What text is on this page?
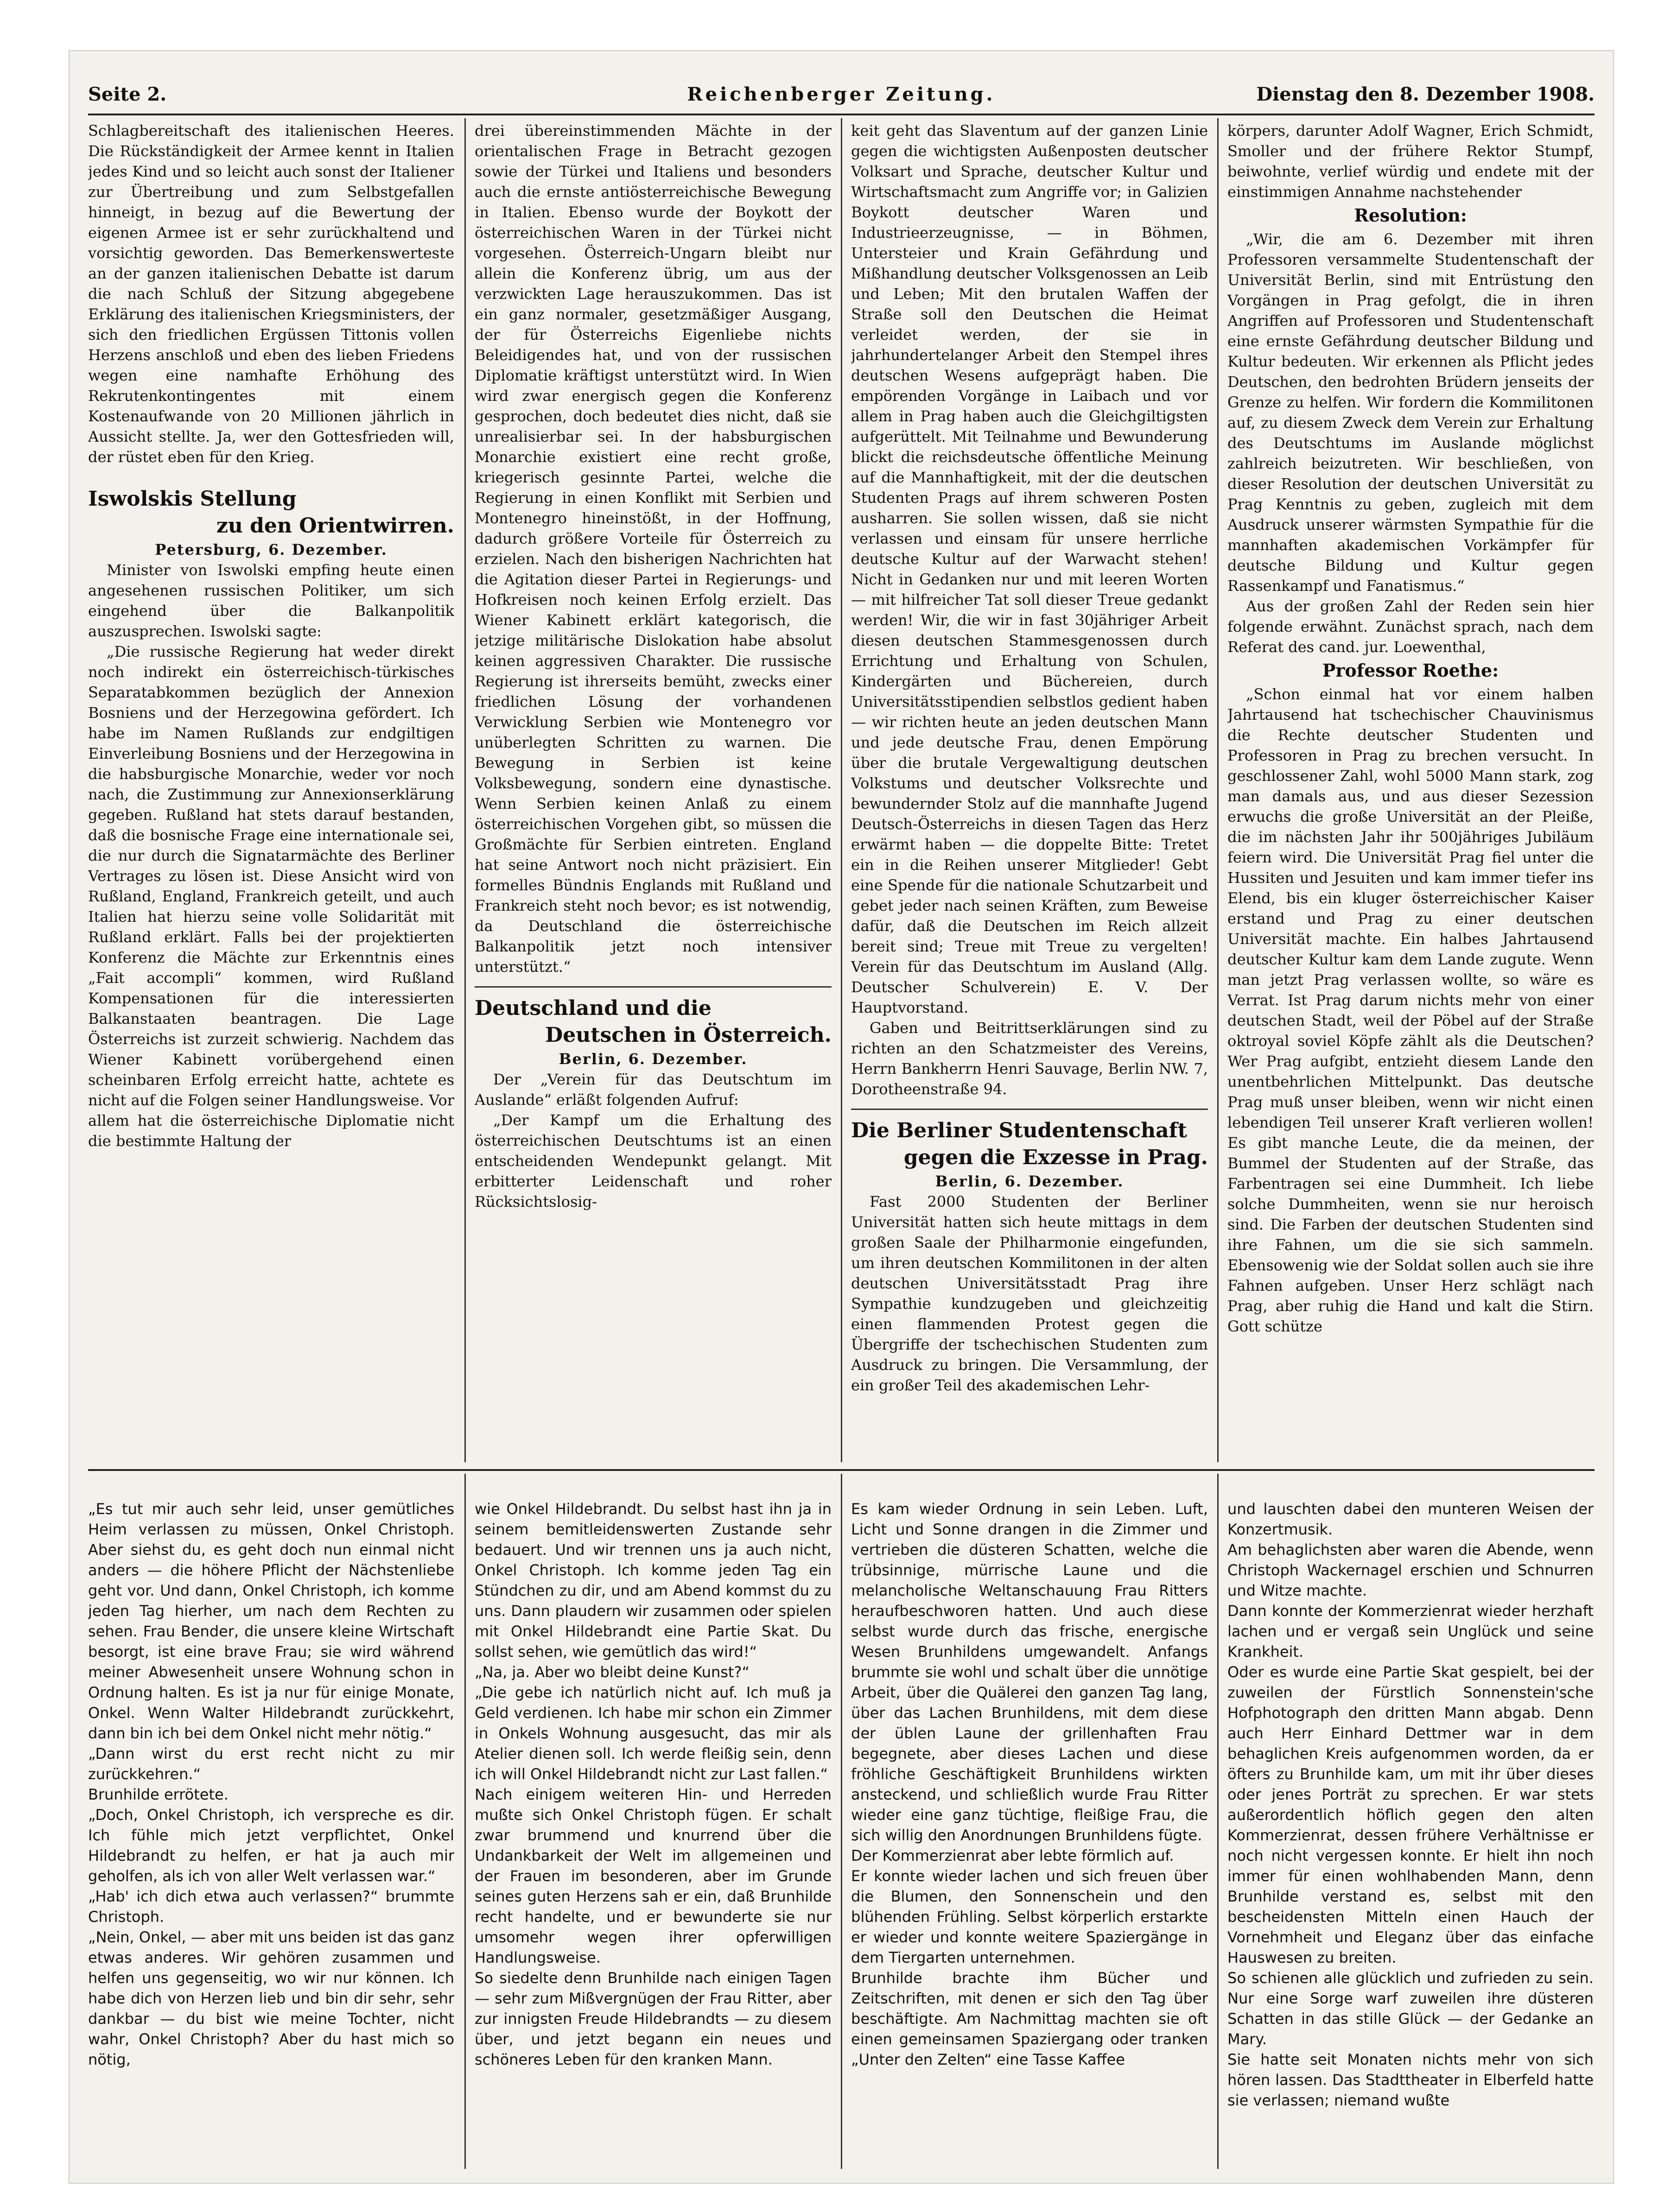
Seite 2.	Reichenberger Zeitung.	Dienstag den 8. Dezember 1908.

Schlagbereitschaft des italienischen Heeres. Die Rückständigkeit der Armee kennt in Italien jedes Kind und so leicht auch sonst der Italiener zur Übertreibung und zum Selbstgefallen hinneigt, in bezug auf die Bewertung der eigenen Armee ist er sehr zurückhaltend und vorsichtig geworden. Das Bemerkenswerteste an der ganzen italienischen Debatte ist darum die nach Schluß der Sitzung abgegebene Erklärung des italienischen Kriegsministers, der sich den friedlichen Ergüssen Tittonis vollen Herzens anschloß und eben des lieben Friedens wegen eine namhafte Erhöhung des Rekrutenkontingentes mit einem Kostenaufwande von 20 Millionen jährlich in Aussicht stellte. Ja, wer den Gottesfrieden will, der rüstet eben für den Krieg.

Iswolskis Stellung

zu den Orientwirren.

Petersburg, 6. Dezember.

Minister von Iswolski empfing heute einen angesehenen russischen Politiker, um sich eingehend über die Balkanpolitik auszusprechen. Iswolski sagte:

„Die russische Regierung hat weder direkt noch indirekt ein österreichisch-türkisches Separatabkommen bezüglich der Annexion Bosniens und der Herzegowina gefördert. Ich habe im Namen Rußlands zur endgiltigen Einverleibung Bosniens und der Herzegowina in die habsburgische Monarchie, weder vor noch nach, die Zustimmung zur Annexionserklärung gegeben. Rußland hat stets darauf bestanden, daß die bosnische Frage eine internationale sei, die nur durch die Signatarmächte des Berliner Vertrages zu lösen ist. Diese Ansicht wird von Rußland, England, Frankreich geteilt, und auch Italien hat hierzu seine volle Solidarität mit Rußland erklärt. Falls bei der projektierten Konferenz die Mächte zur Erkenntnis eines „Fait accompli“ kommen, wird Rußland Kompensationen für die interessierten Balkanstaaten beantragen. Die Lage Österreichs ist zurzeit schwierig. Nachdem das Wiener Kabinett vorübergehend einen scheinbaren Erfolg erreicht hatte, achtete es nicht auf die Folgen seiner Handlungsweise. Vor allem hat die österreichische Diplomatie nicht die bestimmte Haltung der

drei übereinstimmenden Mächte in der orientalischen Frage in Betracht gezogen sowie der Türkei und Italiens und besonders auch die ernste antiösterreichische Bewegung in Italien. Ebenso wurde der Boykott der österreichischen Waren in der Türkei nicht vorgesehen. Österreich-Ungarn bleibt nur allein die Konferenz übrig, um aus der verzwickten Lage herauszukommen. Das ist ein ganz normaler, gesetzmäßiger Ausgang, der für Österreichs Eigenliebe nichts Beleidigendes hat, und von der russischen Diplomatie kräftigst unterstützt wird. In Wien wird zwar energisch gegen die Konferenz gesprochen, doch bedeutet dies nicht, daß sie unrealisierbar sei. In der habsburgischen Monarchie existiert eine recht große, kriegerisch gesinnte Partei, welche die Regierung in einen Konflikt mit Serbien und Montenegro hineinstößt, in der Hoffnung, dadurch größere Vorteile für Österreich zu erzielen. Nach den bisherigen Nachrichten hat die Agitation dieser Partei in Regierungs- und Hofkreisen noch keinen Erfolg erzielt. Das Wiener Kabinett erklärt kategorisch, die jetzige militärische Dislokation habe absolut keinen aggressiven Charakter. Die russische Regierung ist ihrerseits bemüht, zwecks einer friedlichen Lösung der vorhandenen Verwicklung Serbien wie Montenegro vor unüberlegten Schritten zu warnen. Die Bewegung in Serbien ist keine Volksbewegung, sondern eine dynastische. Wenn Serbien keinen Anlaß zu einem österreichischen Vorgehen gibt, so müssen die Großmächte für Serbien eintreten. England hat seine Antwort noch nicht präzisiert. Ein formelles Bündnis Englands mit Rußland und Frankreich steht noch bevor; es ist notwendig, da Deutschland die österreichische Balkanpolitik jetzt noch intensiver unterstützt.“

Deutschland und die

Deutschen in Österreich.

Berlin, 6. Dezember.

Der „Verein für das Deutschtum im Auslande“ erläßt folgenden Aufruf:

„Der Kampf um die Erhaltung des österreichischen Deutschtums ist an einen entscheidenden Wendepunkt gelangt. Mit erbitterter Leidenschaft und roher Rücksichtslosig-

keit geht das Slaventum auf der ganzen Linie gegen die wichtigsten Außenposten deutscher Volksart und Sprache, deutscher Kultur und Wirtschaftsmacht zum Angriffe vor; in Galizien Boykott deutscher Waren und Industrieerzeugnisse, — in Böhmen, Untersteier und Krain Gefährdung und Mißhandlung deutscher Volksgenossen an Leib und Leben; Mit den brutalen Waffen der Straße soll den Deutschen die Heimat verleidet werden, der sie in jahrhundertelanger Arbeit den Stempel ihres deutschen Wesens aufgeprägt haben. Die empörenden Vorgänge in Laibach und vor allem in Prag haben auch die Gleichgiltigsten aufgerüttelt. Mit Teilnahme und Bewunderung blickt die reichsdeutsche öffentliche Meinung auf die Mannhaftigkeit, mit der die deutschen Studenten Prags auf ihrem schweren Posten ausharren. Sie sollen wissen, daß sie nicht verlassen und einsam für unsere herrliche deutsche Kultur auf der Warwacht stehen! Nicht in Gedanken nur und mit leeren Worten — mit hilfreicher Tat soll dieser Treue gedankt werden! Wir, die wir in fast 30jähriger Arbeit diesen deutschen Stammesgenossen durch Errichtung und Erhaltung von Schulen, Kindergärten und Büchereien, durch Universitätsstipendien selbstlos gedient haben — wir richten heute an jeden deutschen Mann und jede deutsche Frau, denen Empörung über die brutale Vergewaltigung deutschen Volkstums und deutscher Volksrechte und bewundernder Stolz auf die mannhafte Jugend Deutsch-Österreichs in diesen Tagen das Herz erwärmt haben — die doppelte Bitte: Tretet ein in die Reihen unserer Mitglieder! Gebt eine Spende für die nationale Schutzarbeit und gebet jeder nach seinen Kräften, zum Beweise dafür, daß die Deutschen im Reich allzeit bereit sind; Treue mit Treue zu vergelten! Verein für das Deutschtum im Ausland (Allg. Deutscher Schulverein) E. V. Der Hauptvorstand.

Gaben und Beitrittserklärungen sind zu richten an den Schatzmeister des Vereins, Herrn Bankherrn Henri Sauvage, Berlin NW. 7, Dorotheenstraße 94.

Die Berliner Studentenschaft

gegen die Exzesse in Prag.

Berlin, 6. Dezember.

Fast 2000 Studenten der Berliner Universität hatten sich heute mittags in dem großen Saale der Philharmonie eingefunden, um ihren deutschen Kommilitonen in der alten deutschen Universitätsstadt Prag ihre Sympathie kundzugeben und gleichzeitig einen flammenden Protest gegen die Übergriffe der tschechischen Studenten zum Ausdruck zu bringen. Die Versammlung, der ein großer Teil des akademischen Lehr-

körpers, darunter Adolf Wagner, Erich Schmidt, Smoller und der frühere Rektor Stumpf, beiwohnte, verlief würdig und endete mit der einstimmigen Annahme nachstehender

Resolution:

„Wir, die am 6. Dezember mit ihren Professoren versammelte Studentenschaft der Universität Berlin, sind mit Entrüstung den Vorgängen in Prag gefolgt, die in ihren Angriffen auf Professoren und Studentenschaft eine ernste Gefährdung deutscher Bildung und Kultur bedeuten. Wir erkennen als Pflicht jedes Deutschen, den bedrohten Brüdern jenseits der Grenze zu helfen. Wir fordern die Kommilitonen auf, zu diesem Zweck dem Verein zur Erhaltung des Deutschtums im Auslande möglichst zahlreich beizutreten. Wir beschließen, von dieser Resolution der deutschen Universität zu Prag Kenntnis zu geben, zugleich mit dem Ausdruck unserer wärmsten Sympathie für die mannhaften akademischen Vorkämpfer für deutsche Bildung und Kultur gegen Rassenkampf und Fanatismus.“

Aus der großen Zahl der Reden sein hier folgende erwähnt. Zunächst sprach, nach dem Referat des cand. jur. Loewenthal,

Professor Roethe:

„Schon einmal hat vor einem halben Jahrtausend hat tschechischer Chauvinismus die Rechte deutscher Studenten und Professoren in Prag zu brechen versucht. In geschlossener Zahl, wohl 5000 Mann stark, zog man damals aus, und aus dieser Sezession erwuchs die große Universität an der Pleiße, die im nächsten Jahr ihr 500jähriges Jubiläum feiern wird. Die Universität Prag fiel unter die Hussiten und Jesuiten und kam immer tiefer ins Elend, bis ein kluger österreichischer Kaiser erstand und Prag zu einer deutschen Universität machte. Ein halbes Jahrtausend deutscher Kultur kam dem Lande zugute. Wenn man jetzt Prag verlassen wollte, so wäre es Verrat. Ist Prag darum nichts mehr von einer deutschen Stadt, weil der Pöbel auf der Straße oktroyal soviel Köpfe zählt als die Deutschen? Wer Prag aufgibt, entzieht diesem Lande den unentbehrlichen Mittelpunkt. Das deutsche Prag muß unser bleiben, wenn wir nicht einen lebendigen Teil unserer Kraft verlieren wollen! Es gibt manche Leute, die da meinen, der Bummel der Studenten auf der Straße, das Farbentragen sei eine Dummheit. Ich liebe solche Dummheiten, wenn sie nur heroisch sind. Die Farben der deutschen Studenten sind ihre Fahnen, um die sie sich sammeln. Ebensowenig wie der Soldat sollen auch sie ihre Fahnen aufgeben. Unser Herz schlägt nach Prag, aber ruhig die Hand und kalt die Stirn. Gott schütze

„Es tut mir auch sehr leid, unser gemütliches Heim verlassen zu müssen, Onkel Christoph. Aber siehst du, es geht doch nun einmal nicht anders — die höhere Pflicht der Nächstenliebe geht vor. Und dann, Onkel Christoph, ich komme jeden Tag hierher, um nach dem Rechten zu sehen. Frau Bender, die unsere kleine Wirtschaft besorgt, ist eine brave Frau; sie wird während meiner Abwesenheit unsere Wohnung schon in Ordnung halten. Es ist ja nur für einige Monate, Onkel. Wenn Walter Hildebrandt zurückkehrt, dann bin ich bei dem Onkel nicht mehr nötig.“
„Dann wirst du erst recht nicht zu mir zurückkehren.“
Brunhilde errötete.
„Doch, Onkel Christoph, ich verspreche es dir. Ich fühle mich jetzt verpflichtet, Onkel Hildebrandt zu helfen, er hat ja auch mir geholfen, als ich von aller Welt verlassen war.“
„Hab' ich dich etwa auch verlassen?“ brummte Christoph.
„Nein, Onkel, — aber mit uns beiden ist das ganz etwas anderes. Wir gehören zusammen und helfen uns gegenseitig, wo wir nur können. Ich habe dich von Herzen lieb und bin dir sehr, sehr dankbar — du bist wie meine Tochter, nicht wahr, Onkel Christoph? Aber du hast mich so nötig,

wie Onkel Hildebrandt. Du selbst hast ihn ja in seinem bemitleidenswerten Zustande sehr bedauert. Und wir trennen uns ja auch nicht, Onkel Christoph. Ich komme jeden Tag ein Stündchen zu dir, und am Abend kommst du zu uns. Dann plaudern wir zusammen oder spielen mit Onkel Hildebrandt eine Partie Skat. Du sollst sehen, wie gemütlich das wird!“
„Na, ja. Aber wo bleibt deine Kunst?“
„Die gebe ich natürlich nicht auf. Ich muß ja Geld verdienen. Ich habe mir schon ein Zimmer in Onkels Wohnung ausgesucht, das mir als Atelier dienen soll. Ich werde fleißig sein, denn ich will Onkel Hildebrandt nicht zur Last fallen.“
Nach einigem weiteren Hin- und Herreden mußte sich Onkel Christoph fügen. Er schalt zwar brummend und knurrend über die Undankbarkeit der Welt im allgemeinen und der Frauen im besonderen, aber im Grunde seines guten Herzens sah er ein, daß Brunhilde recht handelte, und er bewunderte sie nur umsomehr wegen ihrer opferwilligen Handlungsweise.
So siedelte denn Brunhilde nach einigen Tagen — sehr zum Mißvergnügen der Frau Ritter, aber zur innigsten Freude Hildebrandts — zu diesem über, und jetzt begann ein neues und schöneres Leben für den kranken Mann.

Es kam wieder Ordnung in sein Leben. Luft, Licht und Sonne drangen in die Zimmer und vertrieben die düsteren Schatten, welche die trübsinnige, mürrische Laune und die melancholische Weltanschauung Frau Ritters heraufbeschworen hatten. Und auch diese selbst wurde durch das frische, energische Wesen Brunhildens umgewandelt. Anfangs brummte sie wohl und schalt über die unnötige Arbeit, über die Quälerei den ganzen Tag lang, über das Lachen Brunhildens, mit dem diese der üblen Laune der grillenhaften Frau begegnete, aber dieses Lachen und diese fröhliche Geschäftigkeit Brunhildens wirkten ansteckend, und schließlich wurde Frau Ritter wieder eine ganz tüchtige, fleißige Frau, die sich willig den Anordnungen Brunhildens fügte.
Der Kommerzienrat aber lebte förmlich auf.
Er konnte wieder lachen und sich freuen über die Blumen, den Sonnenschein und den blühenden Frühling. Selbst körperlich erstarkte er wieder und konnte weitere Spaziergänge in dem Tiergarten unternehmen.
Brunhilde brachte ihm Bücher und Zeitschriften, mit denen er sich den Tag über beschäftigte. Am Nachmittag machten sie oft einen gemeinsamen Spaziergang oder tranken „Unter den Zelten“ eine Tasse Kaffee

und lauschten dabei den munteren Weisen der Konzertmusik.
Am behaglichsten aber waren die Abende, wenn Christoph Wackernagel erschien und Schnurren und Witze machte.
Dann konnte der Kommerzienrat wieder herzhaft lachen und er vergaß sein Unglück und seine Krankheit.
Oder es wurde eine Partie Skat gespielt, bei der zuweilen der Fürstlich Sonnenstein'sche Hofphotograph den dritten Mann abgab. Denn auch Herr Einhard Dettmer war in dem behaglichen Kreis aufgenommen worden, da er öfters zu Brunhilde kam, um mit ihr über dieses oder jenes Porträt zu sprechen. Er war stets außerordentlich höflich gegen den alten Kommerzienrat, dessen frühere Verhältnisse er noch nicht vergessen konnte. Er hielt ihn noch immer für einen wohlhabenden Mann, denn Brunhilde verstand es, selbst mit den bescheidensten Mitteln einen Hauch der Vornehmheit und Eleganz über das einfache Hauswesen zu breiten.
So schienen alle glücklich und zufrieden zu sein. Nur eine Sorge warf zuweilen ihre düsteren Schatten in das stille Glück — der Gedanke an Mary.
Sie hatte seit Monaten nichts mehr von sich hören lassen. Das Stadttheater in Elberfeld hatte sie verlassen; niemand wußte
